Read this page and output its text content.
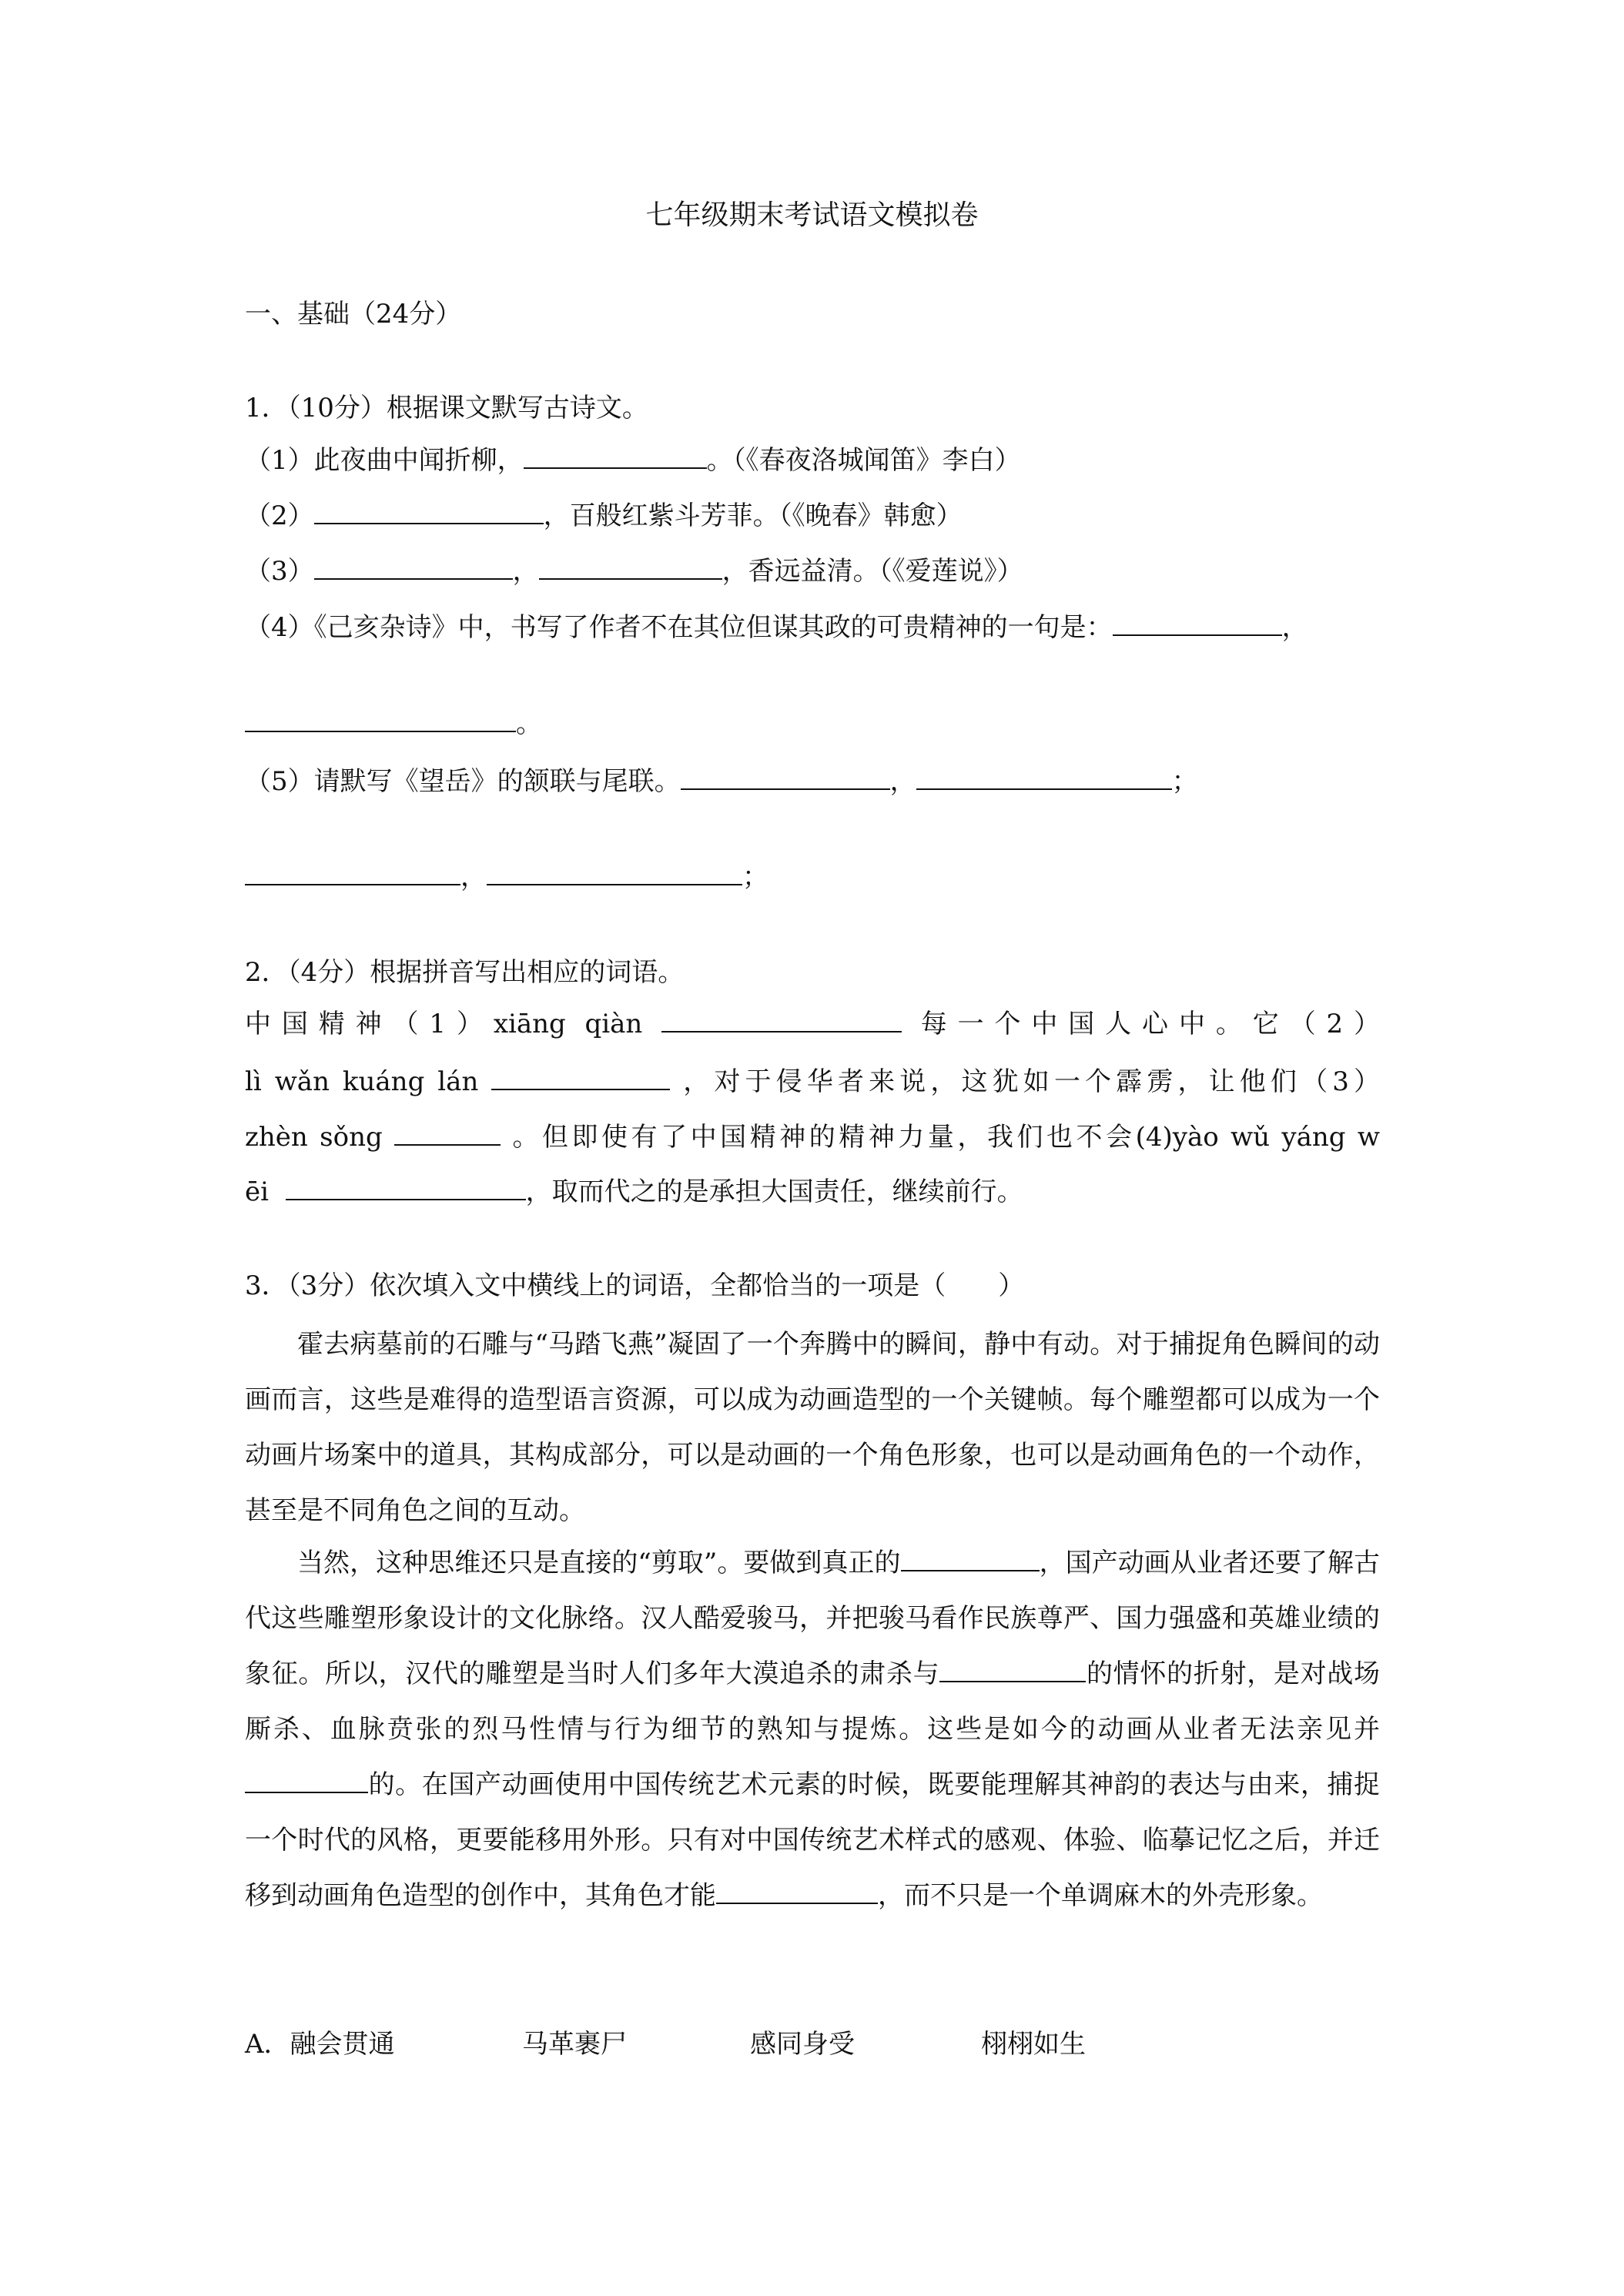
七年级期末考试语文模拟卷
一、基础（24分）
1．（10分）根据课文默写古诗文。
（1）此夜曲中闻折柳，	。（《春夜洛城闻笛》李白）
（2）	，百般红紫斗芳菲。（《晚春》韩愈）
（3）	，	，香远益清。（《爱莲说》）
（4）《己亥杂诗》中，书写了作者不在其位但谋其政的可贵精神的一句是：	，
。
（5）请默写《望岳》的颔联与尾联。	，	；
，	；
2．（4分）根据拼音写出相应的词语。
中国精神（1）xiāng qiàn	每一个中国人心中。它（2）
lì wǎn kuáng lán	，对于侵华者来说，这犹如一个霹雳，让他们（3）
zhèn sǒng	。但即使有了中国精神的精神力量，我们也不会(4)yào wǔ yáng w
ēi	，取而代之的是承担大国责任，继续前行。
3．（3分）依次填入文中横线上的词语，全都恰当的一项是（　　）
霍去病墓前的石雕与“马踏飞燕”凝固了一个奔腾中的瞬间，静中有动。对于捕捉角色瞬间的动画而言，这些是难得的造型语言资源，可以成为动画造型的一个关键帧。每个雕塑都可以成为一个动画片场案中的道具，其构成部分，可以是动画的一个角色形象，也可以是动画角色的一个动作，甚至是不同角色之间的互动。
当然，这种思维还只是直接的“剪取”。要做到真正的	，国产动画从业者还要了解古代这些雕塑形象设计的文化脉络。汉人酷爱骏马，并把骏马看作民族尊严、国力强盛和英雄业绩的象征。所以，汉代的雕塑是当时人们多年大漠追杀的肃杀与	的情怀的折射，是对战场厮杀、血脉贲张的烈马性情与行为细节的熟知与提炼。这些是如今的动画从业者无法亲见并的。在国产动画使用中国传统艺术元素的时候，既要能理解其神韵的表达与由来，捕捉一个时代的风格，更要能移用外形。只有对中国传统艺术样式的感观、体验、临摹记忆之后，并迁移到动画角色造型的创作中，其角色才能	，而不只是一个单调麻木的外壳形象。

A．融会贯通

	马革裹尸

	感同身受

	栩栩如生
